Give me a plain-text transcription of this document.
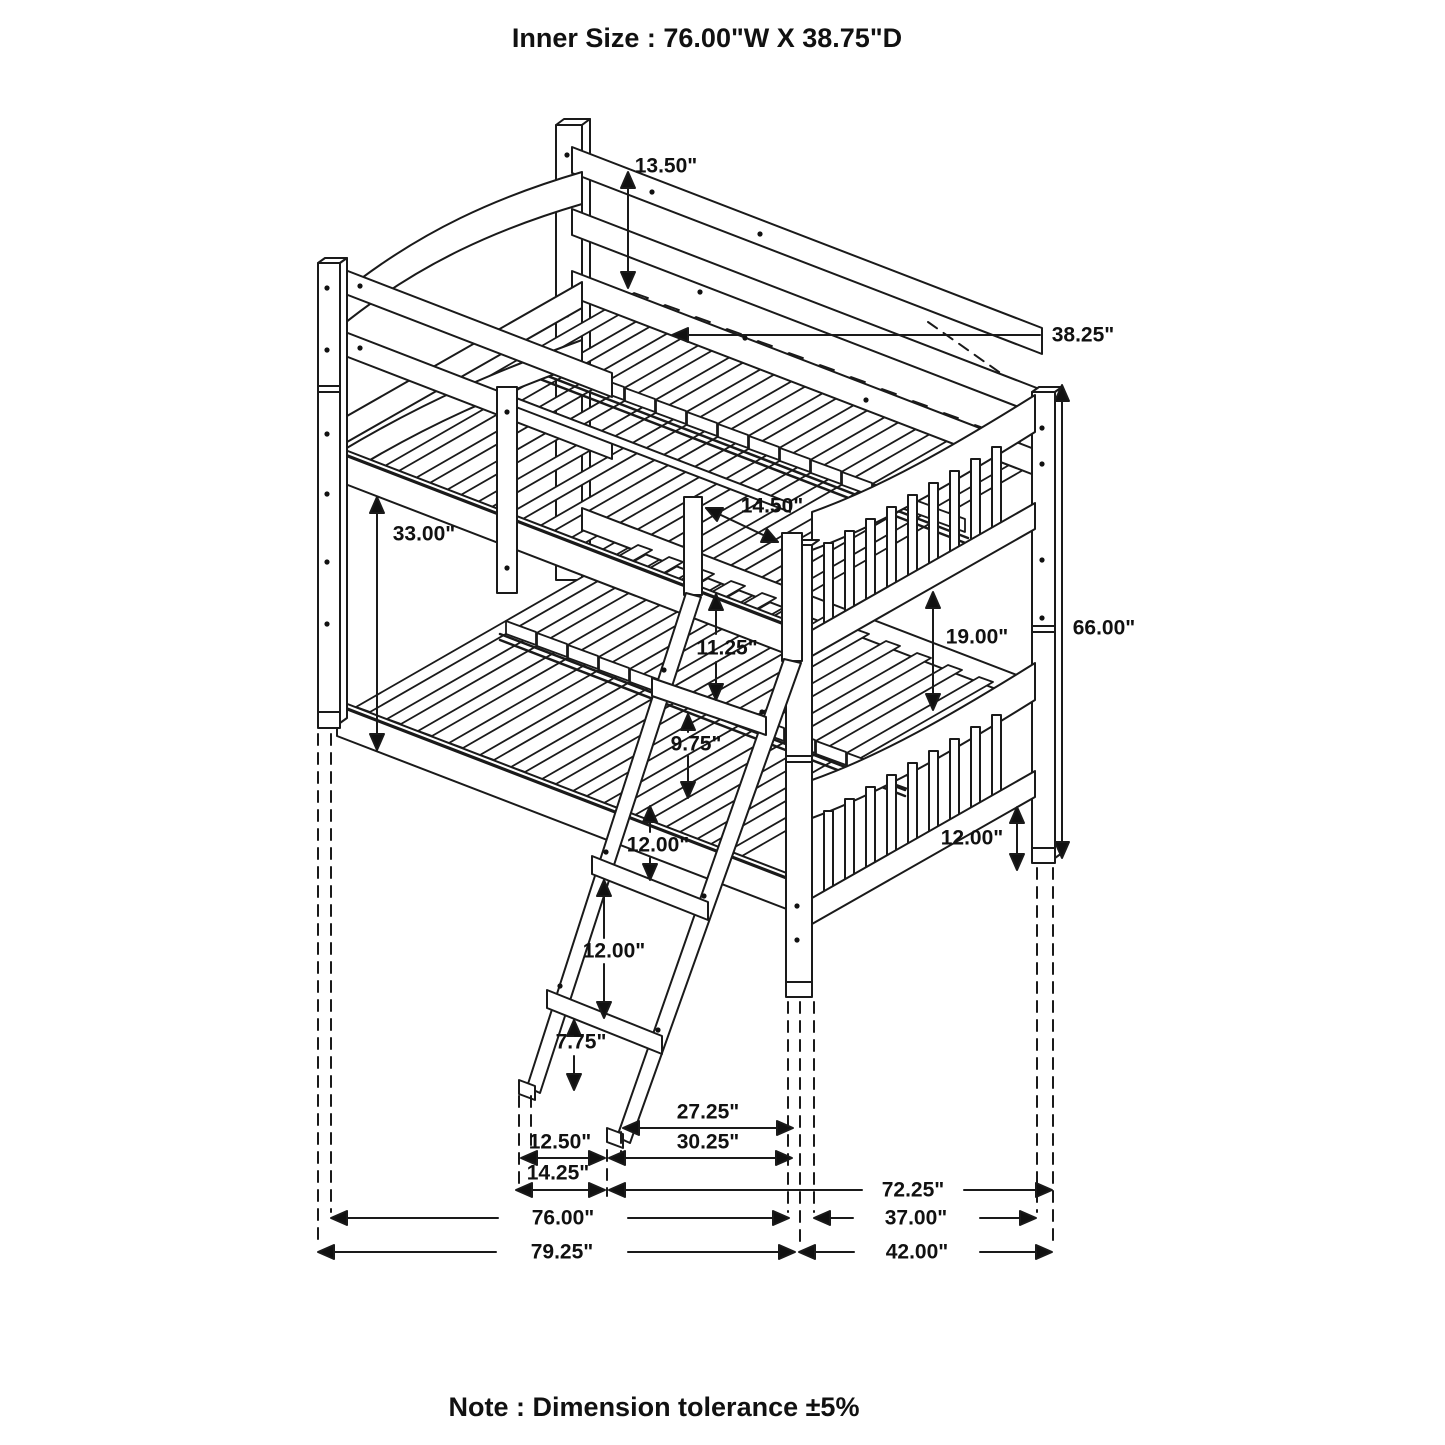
Inner Size : 76.00"W X 38.75"D
Note : Dimension tolerance ±5%
13.50"
38.25"
33.00"
14.50"
11.25"
9.75"
12.00"
12.00"
7.75"
19.00"	66.00"
12.00"
27.25"
12.50"	30.25"
14.25"
72.25"
76.00"	37.00"
79.25"	42.00"
